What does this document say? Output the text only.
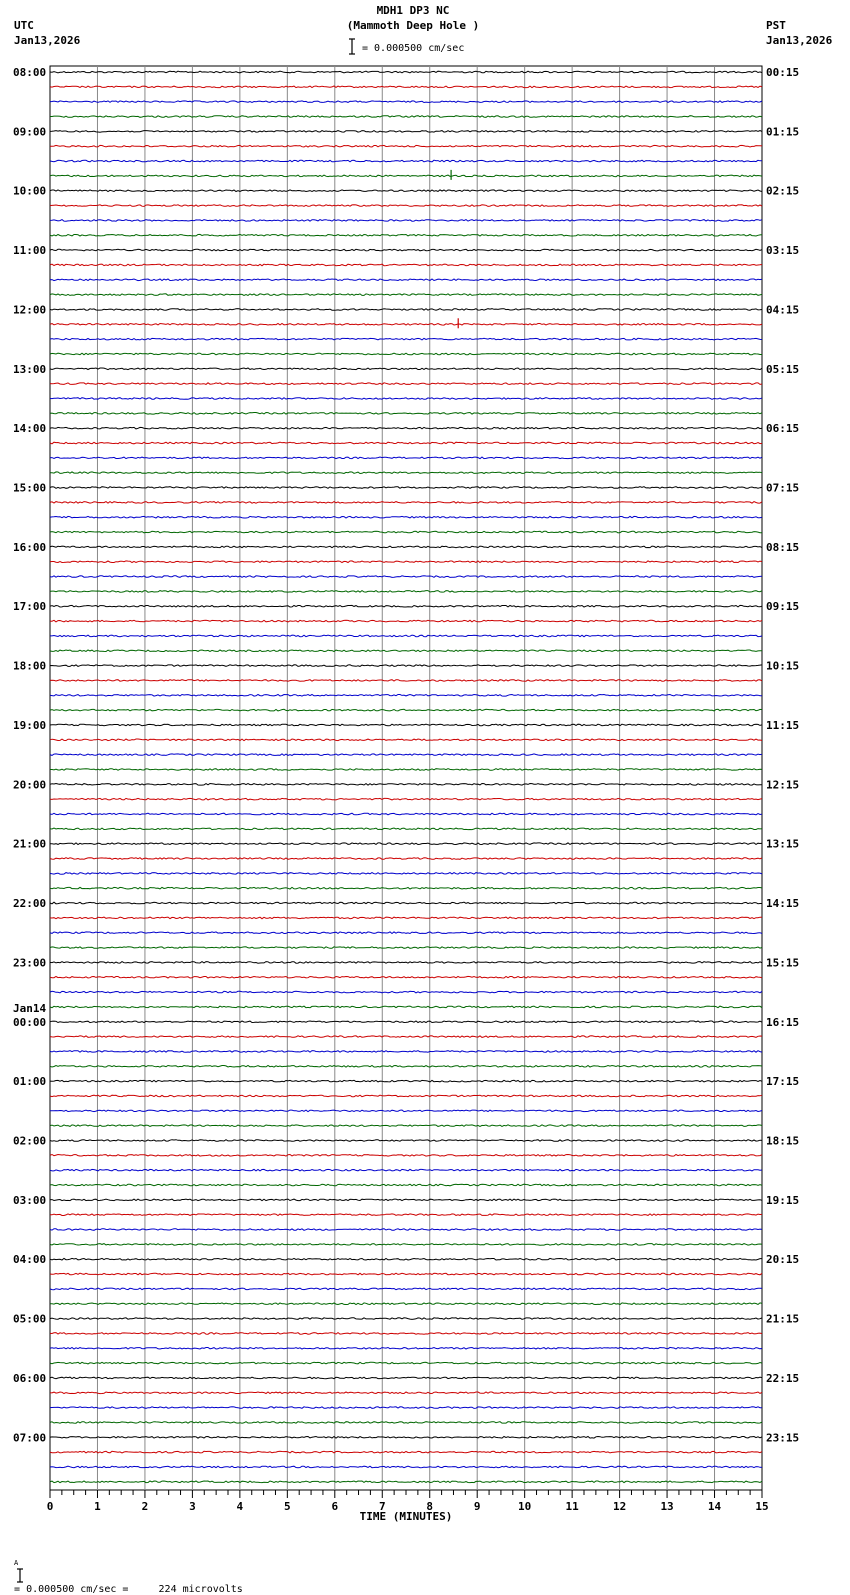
MDH1 DP3 NC
(Mammoth Deep Hole )
UTC
Jan13,2026
PST
Jan13,2026
= 0.000500 cm/sec
08:00
09:00
10:00
11:00
12:00
13:00
14:00
15:00
16:00
17:00
18:00
19:00
20:00
21:00
22:00
23:00
00:00
Jan14
01:00
02:00
03:00
04:00
05:00
06:00
07:00
00:15
01:15
02:15
03:15
04:15
05:15
06:15
07:15
08:15
09:15
10:15
11:15
12:15
13:15
14:15
15:15
16:15
17:15
18:15
19:15
20:15
21:15
22:15
23:15
0	1	2	3	4	5	6	7	8	9	10	11	12	13	14	15
TIME (MINUTES)

A

= 0.000500 cm/sec =     224 microvolts
